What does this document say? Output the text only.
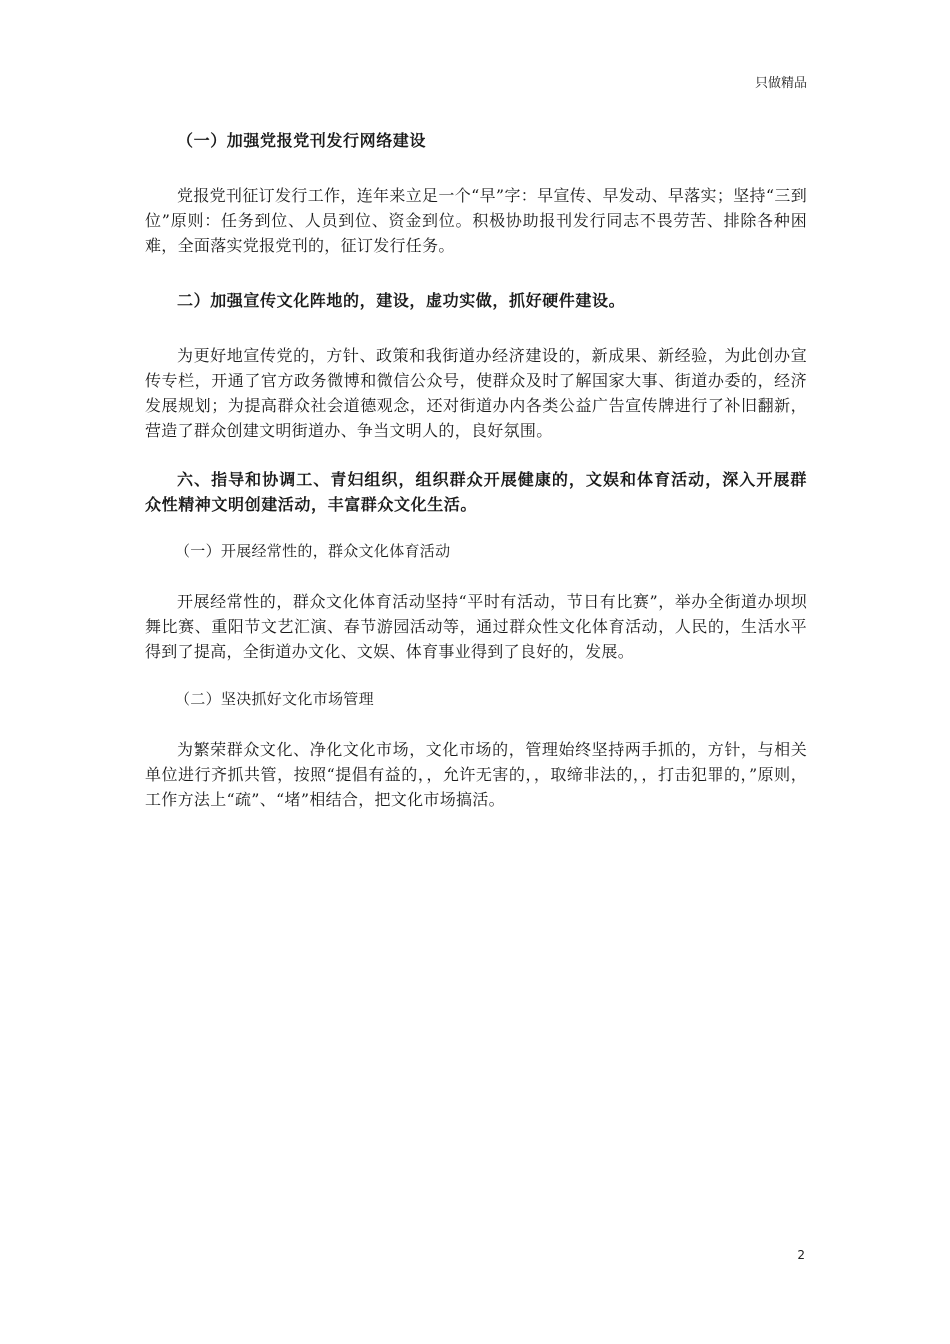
只做精品

（一）加强党报党刊发行网络建设

党报党刊征订发行工作，连年来立足一个“早”字：早宣传、早发动、早落实；坚持“三到位”原则：任务到位、人员到位、资金到位。积极协助报刊发行同志不畏劳苦、排除各种困难，全面落实党报党刊的，征订发行任务。

二）加强宣传文化阵地的，建设，虚功实做，抓好硬件建设。

为更好地宣传党的，方针、政策和我街道办经济建设的，新成果、新经验，为此创办宣传专栏，开通了官方政务微博和微信公众号，使群众及时了解国家大事、街道办委的，经济发展规划；为提高群众社会道德观念，还对街道办内各类公益广告宣传牌进行了补旧翻新，营造了群众创建文明街道办、争当文明人的，良好氛围。

六、指导和协调工、青妇组织，组织群众开展健康的，文娱和体育活动，深入开展群众性精神文明创建活动，丰富群众文化生活。

（一）开展经常性的，群众文化体育活动

开展经常性的，群众文化体育活动坚持“平时有活动，节日有比赛”，举办全街道办坝坝舞比赛、重阳节文艺汇演、春节游园活动等，通过群众性文化体育活动，人民的，生活水平得到了提高，全街道办文化、文娱、体育事业得到了良好的，发展。

（二）坚决抓好文化市场管理

为繁荣群众文化、净化文化市场，文化市场的，管理始终坚持两手抓的，方针，与相关单位进行齐抓共管，按照“提倡有益的，，允许无害的，，取缔非法的，，打击犯罪的，”原则，工作方法上“疏”、“堵”相结合，把文化市场搞活。

2
